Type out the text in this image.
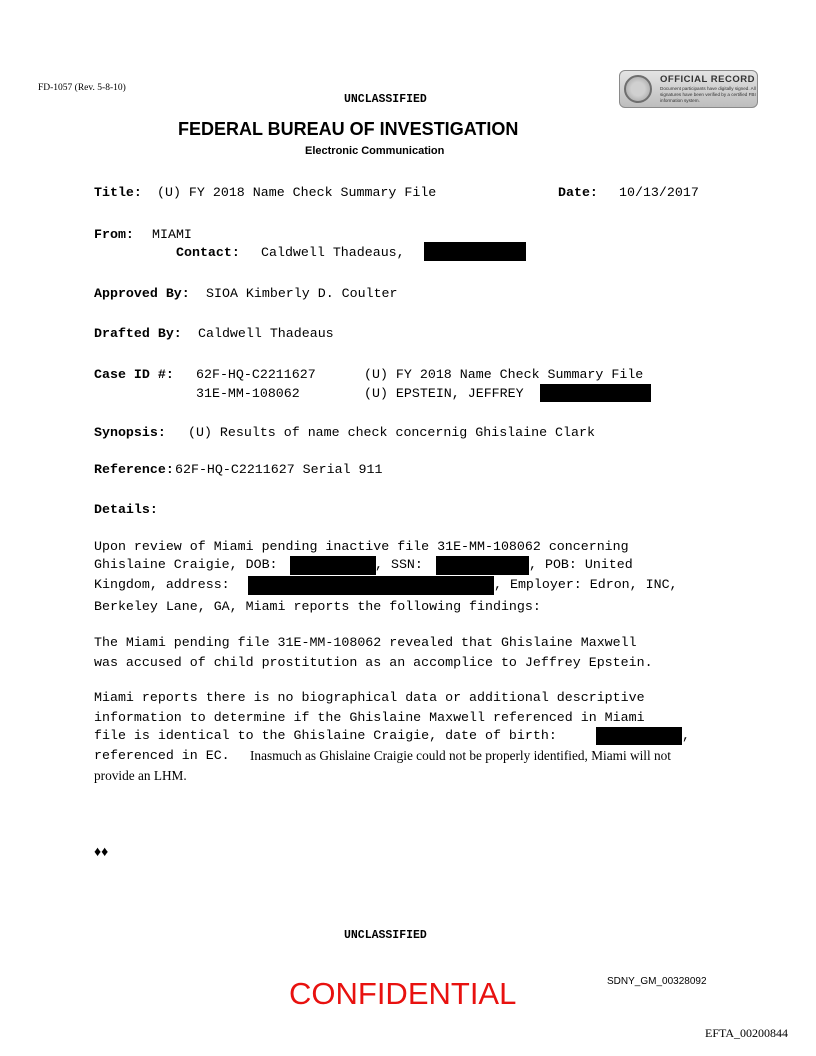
FD-1057 (Rev. 5-8-10)
UNCLASSIFIED
OFFICIAL RECORD
Document participants have digitally signed. All signatures have been verified by a certified FBI information system.
FEDERAL BUREAU OF INVESTIGATION
Electronic Communication
Title: (U) FY 2018 Name Check Summary File	Date: 10/13/2017
From: MIAMI
Contact: Caldwell Thadeaus,
Approved By: SIOA Kimberly D. Coulter
Drafted By: Caldwell Thadeaus
Case ID #: 62F-HQ-C2211627	(U) FY 2018 Name Check Summary File
31E-MM-108062	(U) EPSTEIN, JEFFREY
Synopsis: (U) Results of name check concernig Ghislaine Clark
Reference: 62F-HQ-C2211627 Serial 911
Details:
Upon review of Miami pending inactive file 31E-MM-108062 concerning
Ghislaine Craigie, DOB:	, SSN:	, POB: United
Kingdom, address:	, Employer: Edron, INC,
Berkeley Lane, GA, Miami reports the following findings:
The Miami pending file 31E-MM-108062 revealed that Ghislaine Maxwell
was accused of child prostitution as an accomplice to Jeffrey Epstein.
Miami reports there is no biographical data or additional descriptive
information to determine if the Ghislaine Maxwell referenced in Miami
file is identical to the Ghislaine Craigie, date of birth:	,
referenced in EC. Inasmuch as Ghislaine Craigie could not be properly identified, Miami will not
provide an LHM.
♦♦
UNCLASSIFIED
CONFIDENTIAL	SDNY_GM_00328092
EFTA_00200844
